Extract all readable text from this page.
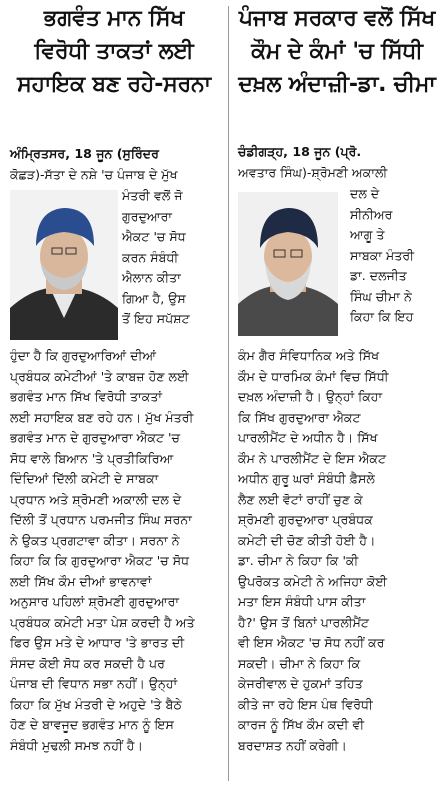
ਭਗਵੰਤ ਮਾਨ ਸਿੱਖ
ਵਿਰੋਧੀ ਤਾਕਤਾਂ ਲਈ
ਸਹਾਇਕ ਬਣ ਰਹੇ-ਸਰਨਾ
ਅੰਮ੍ਰਿਤਸਰ, 18 ਜੂਨ (ਸੁਰਿੰਦਰ
ਕੋਛੜ)-ਸੱਤਾ ਦੇ ਨਸ਼ੇ 'ਚ ਪੰਜਾਬ ਦੇ ਮੁੱਖ
ਮੰਤਰੀ ਵਲੋਂ ਜੋ
ਗੁਰਦੁਆਰਾ
ਐਕਟ 'ਚ ਸੋਧ
ਕਰਨ ਸੰਬੰਧੀ
ਐਲਾਨ ਕੀਤਾ
ਗਿਆ ਹੈ, ਉਸ
ਤੋਂ ਇਹ ਸਪੱਸ਼ਟ
ਹੁੰਦਾ ਹੈ ਕਿ ਗੁਰਦੁਆਰਿਆਂ ਦੀਆਂ
ਪ੍ਰਬੰਧਕ ਕਮੇਟੀਆਂ 'ਤੇ ਕਾਬਜ਼ ਹੋਣ ਲਈ
ਭਗਵੰਤ ਮਾਨ ਸਿੱਖ ਵਿਰੋਧੀ ਤਾਕਤਾਂ
ਲਈ ਸਹਾਇਕ ਬਣ ਰਹੇ ਹਨ। ਮੁੱਖ ਮੰਤਰੀ
ਭਗਵੰਤ ਮਾਨ ਦੇ ਗੁਰਦੁਆਰਾ ਐਕਟ 'ਚ
ਸੋਧ ਵਾਲੇ ਬਿਆਨ 'ਤੇ ਪ੍ਰਤੀਕਿਰਿਆ
ਦਿੰਦਿਆਂ ਦਿੱਲੀ ਕਮੇਟੀ ਦੇ ਸਾਬਕਾ
ਪ੍ਰਧਾਨ ਅਤੇ ਸ਼੍ਰੋਮਣੀ ਅਕਾਲੀ ਦਲ ਦੇ
ਦਿੱਲੀ ਤੋਂ ਪ੍ਰਧਾਨ ਪਰਮਜੀਤ ਸਿੰਘ ਸਰਨਾ
ਨੇ ਉਕਤ ਪ੍ਰਗਟਾਵਾ ਕੀਤਾ। ਸਰਨਾ ਨੇ
ਕਿਹਾ ਕਿ ਕਿ ਗੁਰਦੁਆਰਾ ਐਕਟ 'ਚ ਸੋਧ
ਲਈ ਸਿੱਖ ਕੌਮ ਦੀਆਂ ਭਾਵਨਾਵਾਂ
ਅਨੁਸਾਰ ਪਹਿਲਾਂ ਸ਼੍ਰੋਮਣੀ ਗੁਰਦੁਆਰਾ
ਪ੍ਰਬੰਧਕ ਕਮੇਟੀ ਮਤਾ ਪੇਸ਼ ਕਰਦੀ ਹੈ ਅਤੇ
ਫਿਰ ਉਸ ਮਤੇ ਦੇ ਆਧਾਰ 'ਤੇ ਭਾਰਤ ਦੀ
ਸੰਸਦ ਕੋਈ ਸੋਧ ਕਰ ਸਕਦੀ ਹੈ ਪਰ
ਪੰਜਾਬ ਦੀ ਵਿਧਾਨ ਸਭਾ ਨਹੀਂ। ਉਨ੍ਹਾਂ
ਕਿਹਾ ਕਿ ਮੁੱਖ ਮੰਤਰੀ ਦੇ ਅਹੁਦੇ 'ਤੇ ਬੈਠੇ
ਹੋਣ ਦੇ ਬਾਵਜੂਦ ਭਗਵੰਤ ਮਾਨ ਨੂੰ ਇਸ
ਸੰਬੰਧੀ ਮੁਢਲੀ ਸਮਝ ਨਹੀਂ ਹੈ।
ਪੰਜਾਬ ਸਰਕਾਰ ਵਲੋਂ ਸਿੱਖ
ਕੌਮ ਦੇ ਕੰਮਾਂ 'ਚ ਸਿੱਧੀ
ਦਖ਼ਲ ਅੰਦਾਜ਼ੀ-ਡਾ. ਚੀਮਾ
ਚੰਡੀਗੜ੍ਹ, 18 ਜੂਨ (ਪ੍ਰੋ.
ਅਵਤਾਰ ਸਿੰਘ)-ਸ਼੍ਰੋਮਣੀ ਅਕਾਲੀ
ਦਲ ਦੇ
ਸੀਨੀਅਰ
ਆਗੂ ਤੇ
ਸਾਬਕਾ ਮੰਤਰੀ
ਡਾ. ਦਲਜੀਤ
ਸਿੰਘ ਚੀਮਾ ਨੇ
ਕਿਹਾ ਕਿ ਇਹ
ਕੰਮ ਗੈਰ ਸੰਵਿਧਾਨਿਕ ਅਤੇ ਸਿੱਖ
ਕੌਮ ਦੇ ਧਾਰਮਿਕ ਕੰਮਾਂ ਵਿਚ ਸਿੱਧੀ
ਦਖ਼ਲ ਅੰਦਾਜ਼ੀ ਹੈ। ਉਨ੍ਹਾਂ ਕਿਹਾ
ਕਿ ਸਿੱਖ ਗੁਰਦੁਆਰਾ ਐਕਟ
ਪਾਰਲੀਮੈਂਟ ਦੇ ਅਧੀਨ ਹੈ। ਸਿੱਖ
ਕੌਮ ਨੇ ਪਾਰਲੀਮੈਂਟ ਦੇ ਇਸ ਐਕਟ
ਅਧੀਨ ਗੁਰੂ ਘਰਾਂ ਸੰਬੰਧੀ ਫ਼ੈਸਲੇ
ਲੈਣ ਲਈ ਵੋਟਾਂ ਰਾਹੀਂ ਚੁਣ ਕੇ
ਸ਼੍ਰੋਮਣੀ ਗੁਰਦੁਆਰਾ ਪ੍ਰਬੰਧਕ
ਕਮੇਟੀ ਦੀ ਚੋਣ ਕੀਤੀ ਹੋਈ ਹੈ।
ਡਾ. ਚੀਮਾ ਨੇ ਕਿਹਾ ਕਿ 'ਕੀ
ਉਪਰੋਕਤ ਕਮੇਟੀ ਨੇ ਅਜਿਹਾ ਕੋਈ
ਮਤਾ ਇਸ ਸੰਬੰਧੀ ਪਾਸ ਕੀਤਾ
ਹੈ?' ਉਸ ਤੋਂ ਬਿਨਾਂ ਪਾਰਲੀਮੈਂਟ
ਵੀ ਇਸ ਐਕਟ 'ਚ ਸੋਧ ਨਹੀਂ ਕਰ
ਸਕਦੀ। ਚੀਮਾ ਨੇ ਕਿਹਾ ਕਿ
ਕੇਜਰੀਵਾਲ ਦੇ ਹੁਕਮਾਂ ਤਹਿਤ
ਕੀਤੇ ਜਾ ਰਹੇ ਇਸ ਪੰਥ ਵਿਰੋਧੀ
ਕਾਰਜ ਨੂੰ ਸਿੱਖ ਕੌਮ ਕਦੀ ਵੀ
ਬਰਦਾਸ਼ਤ ਨਹੀਂ ਕਰੇਗੀ।
